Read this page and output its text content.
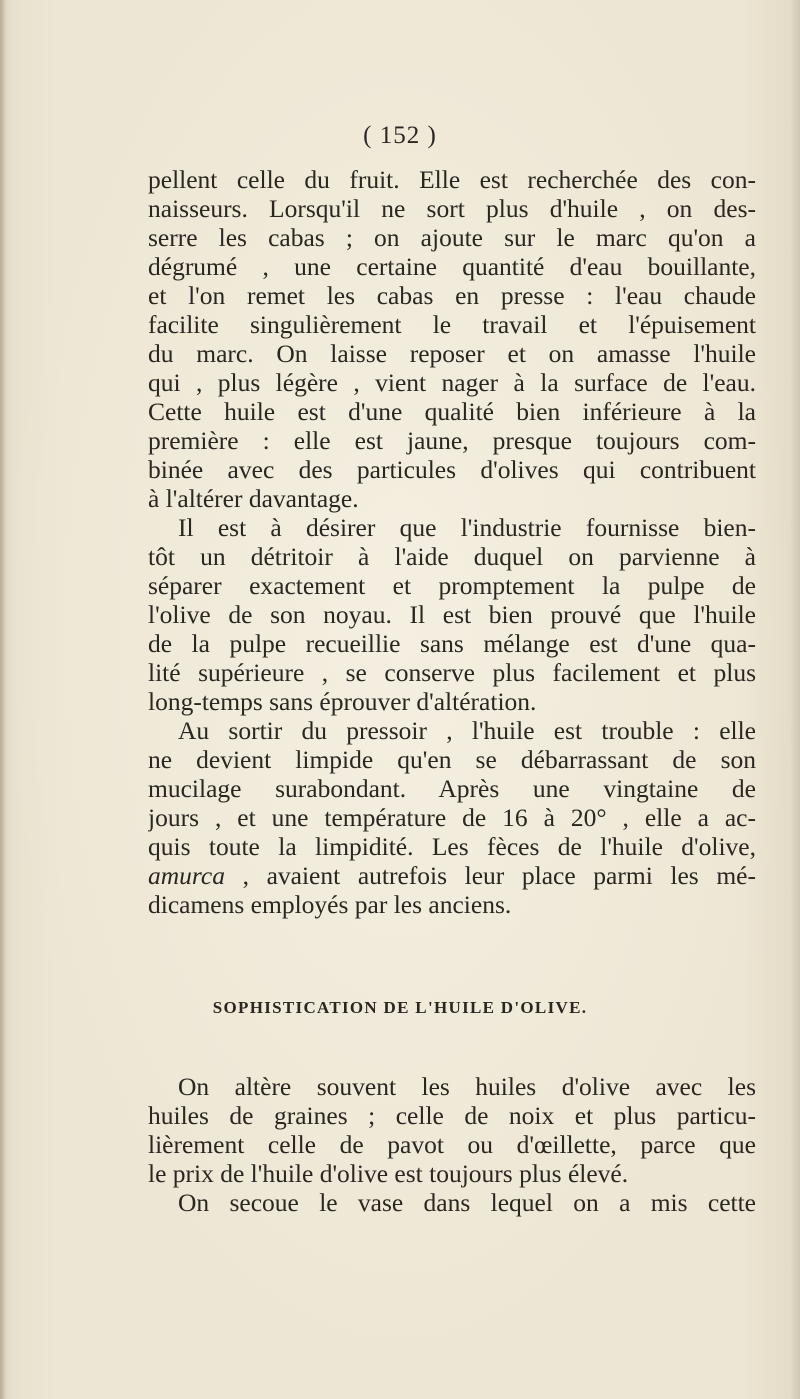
( 152 )
pellent celle du fruit. Elle est recherchée des con-
naisseurs. Lorsqu'il ne sort plus d'huile , on des-
serre les cabas ; on ajoute sur le marc qu'on a
dégrumé , une certaine quantité d'eau bouillante,
et l'on remet les cabas en presse : l'eau chaude
facilite singulièrement le travail et l'épuisement
du marc. On laisse reposer et on amasse l'huile
qui , plus légère , vient nager à la surface de l'eau.
Cette huile est d'une qualité bien inférieure à la
première : elle est jaune, presque toujours com-
binée avec des particules d'olives qui contribuent
à l'altérer davantage.
Il est à désirer que l'industrie fournisse bien-
tôt un détritoir à l'aide duquel on parvienne à
séparer exactement et promptement la pulpe de
l'olive de son noyau. Il est bien prouvé que l'huile
de la pulpe recueillie sans mélange est d'une qua-
lité supérieure , se conserve plus facilement et plus
long-temps sans éprouver d'altération.
Au sortir du pressoir , l'huile est trouble : elle
ne devient limpide qu'en se débarrassant de son
mucilage surabondant. Après une vingtaine de
jours , et une température de 16 à 20° , elle a ac-
quis toute la limpidité. Les fèces de l'huile d'olive,
amurca , avaient autrefois leur place parmi les mé-
dicamens employés par les anciens.
SOPHISTICATION DE L'HUILE D'OLIVE.
On altère souvent les huiles d'olive avec les
huiles de graines ; celle de noix et plus particu-
lièrement celle de pavot ou d'œillette, parce que
le prix de l'huile d'olive est toujours plus élevé.
On secoue le vase dans lequel on a mis cette
